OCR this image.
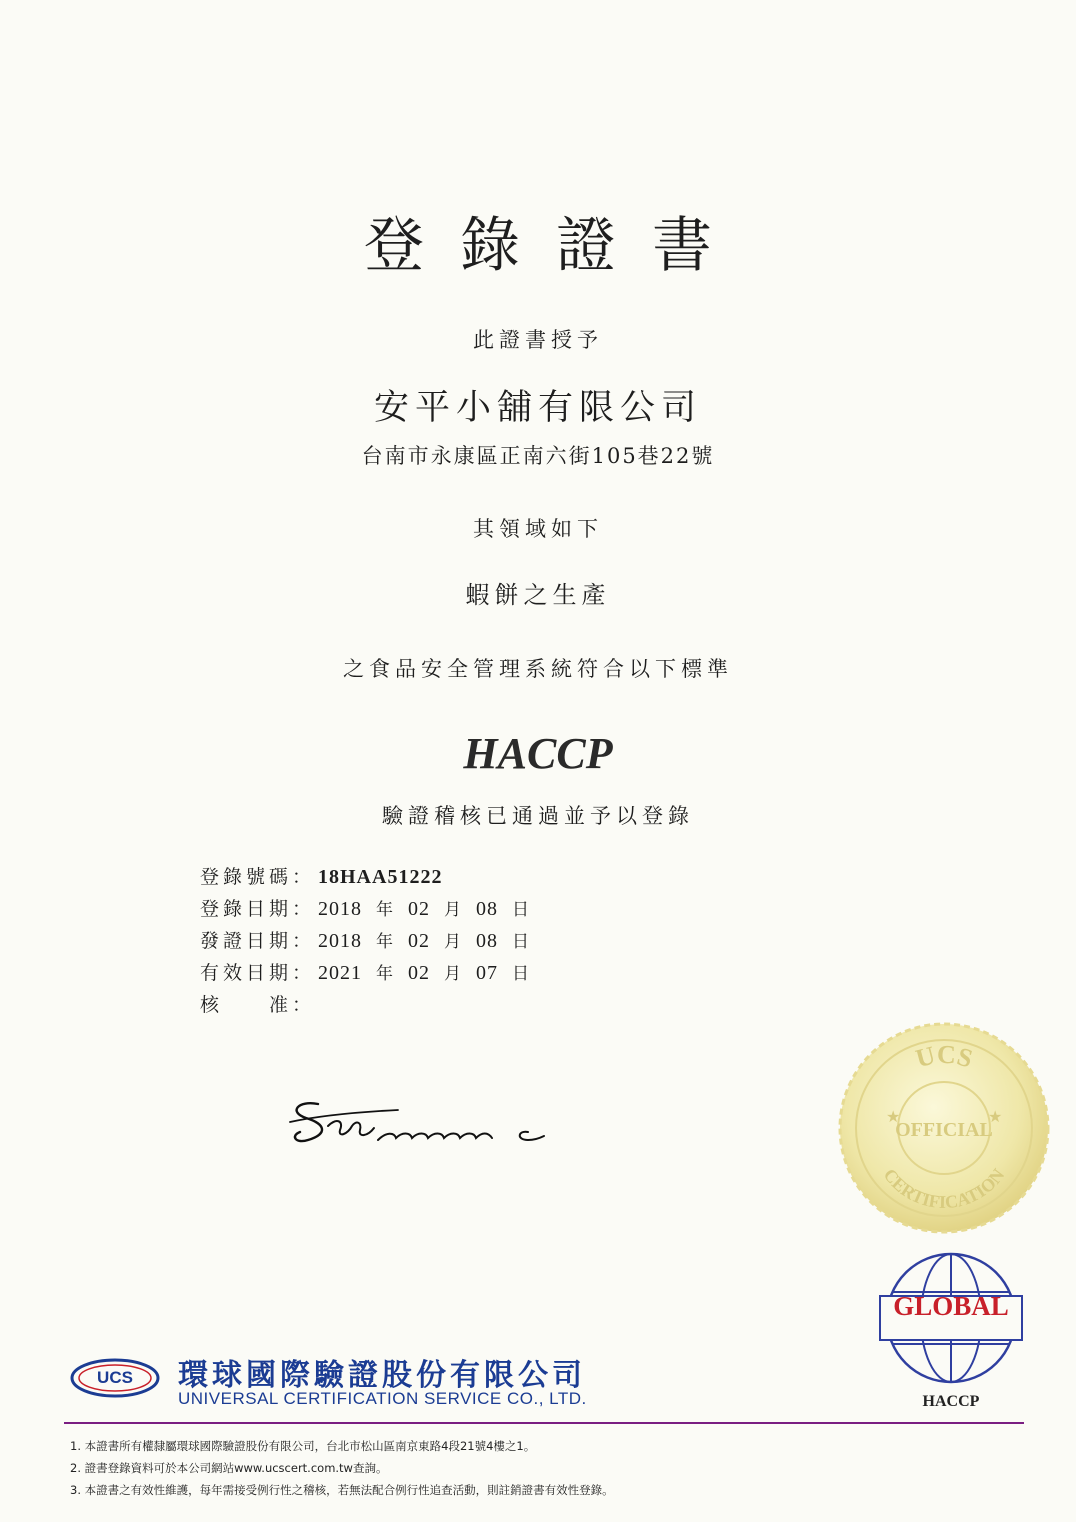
登錄證書
此證書授予
安平小舖有限公司
台南市永康區正南六街105巷22號
其領域如下
蝦餅之生產
之食品安全管理系統符合以下標準
HACCP
驗證稽核已通過並予以登錄
登錄號碼： 18HAA51222
登錄日期： 2018 年 02 月 08 日
發證日期： 2018 年 02 月 08 日
有效日期： 2021 年 02 月 07 日
核　　准：
UCS
OFFICIAL
CERTIFICATION
★	★
GLOBAL
HACCP
UCS	環球國際驗證股份有限公司
UNIVERSAL CERTIFICATION SERVICE CO., LTD.
1. 本證書所有權隸屬環球國際驗證股份有限公司，台北市松山區南京東路4段21號4樓之1。
2. 證書登錄資料可於本公司網站www.ucscert.com.tw查詢。
3. 本證書之有效性維護，每年需接受例行性之稽核，若無法配合例行性追查活動，則註銷證書有效性登錄。
